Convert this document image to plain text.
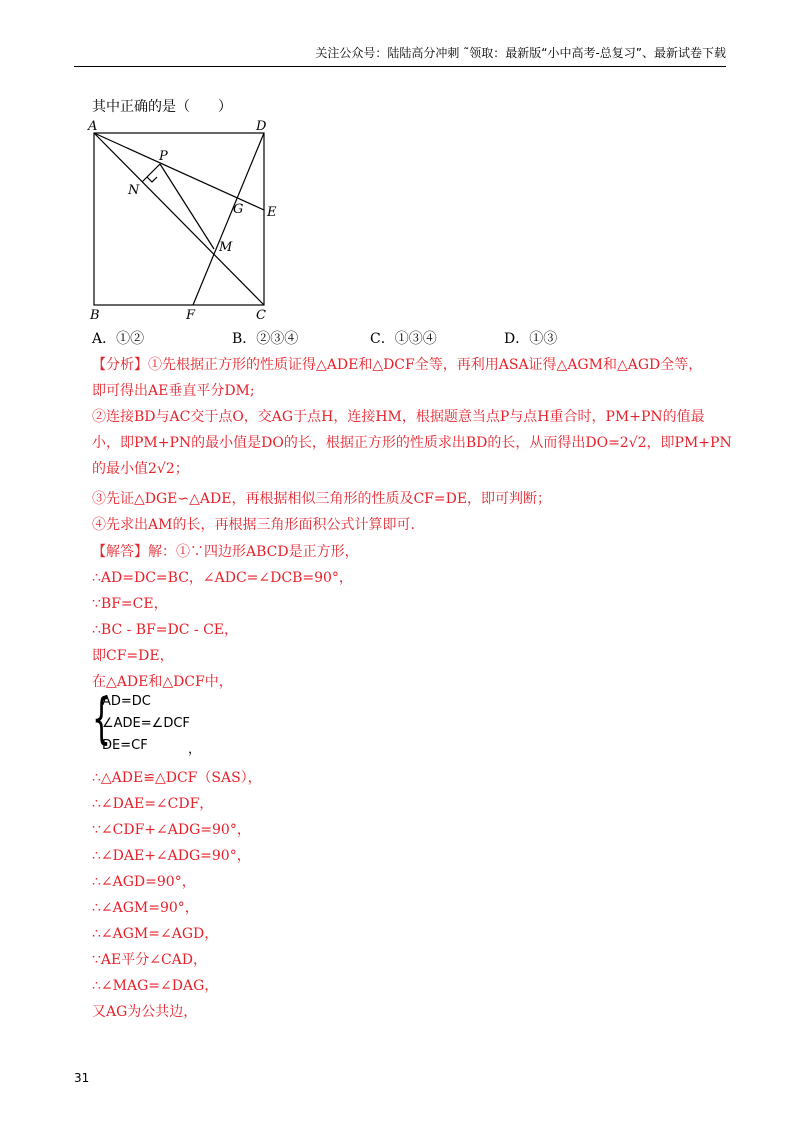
关注公众号：陆陆高分冲刺 ˜领取：最新版“小中高考-总复习”、最新试卷下载
其中正确的是（　　）
A	D
P
N
G E
M
B	F	C
A．①②	B．②③④	C．①③④	D．①③
【分析】①先根据正方形的性质证得△ADE和△DCF全等，再利用ASA证得△AGM和△AGD全等，
即可得出AE垂直平分DM;
②连接BD与AC交于点O，交AG于点H，连接HM，根据题意当点P与点H重合时，PM+PN的值最
小，即PM+PN的最小值是DO的长，根据正方形的性质求出BD的长，从而得出DO=2√2，即PM+PN
的最小值2√2；
③先证△DGE∽△ADE，再根据相似三角形的性质及CF=DE，即可判断；
④先求出AM的长，再根据三角形面积公式计算即可.
【解答】解：①∵四边形ABCD是正方形，
∴AD=DC=BC，∠ADC=∠DCB=90°，
∵BF=CE，
∴BC - BF=DC - CE，
即CF=DE，
在△ADE和△DCF中，
{
AD=DC
∠ADE=∠DCF
DE=CF	，
∴△ADE≌△DCF（SAS），
∴∠DAE=∠CDF，
∵∠CDF+∠ADG=90°，
∴∠DAE+∠ADG=90°，
∴∠AGD=90°，
∴∠AGM=90°，
∴∠AGM=∠AGD，
∵AE平分∠CAD，
∴∠MAG=∠DAG，
又AG为公共边，
31
